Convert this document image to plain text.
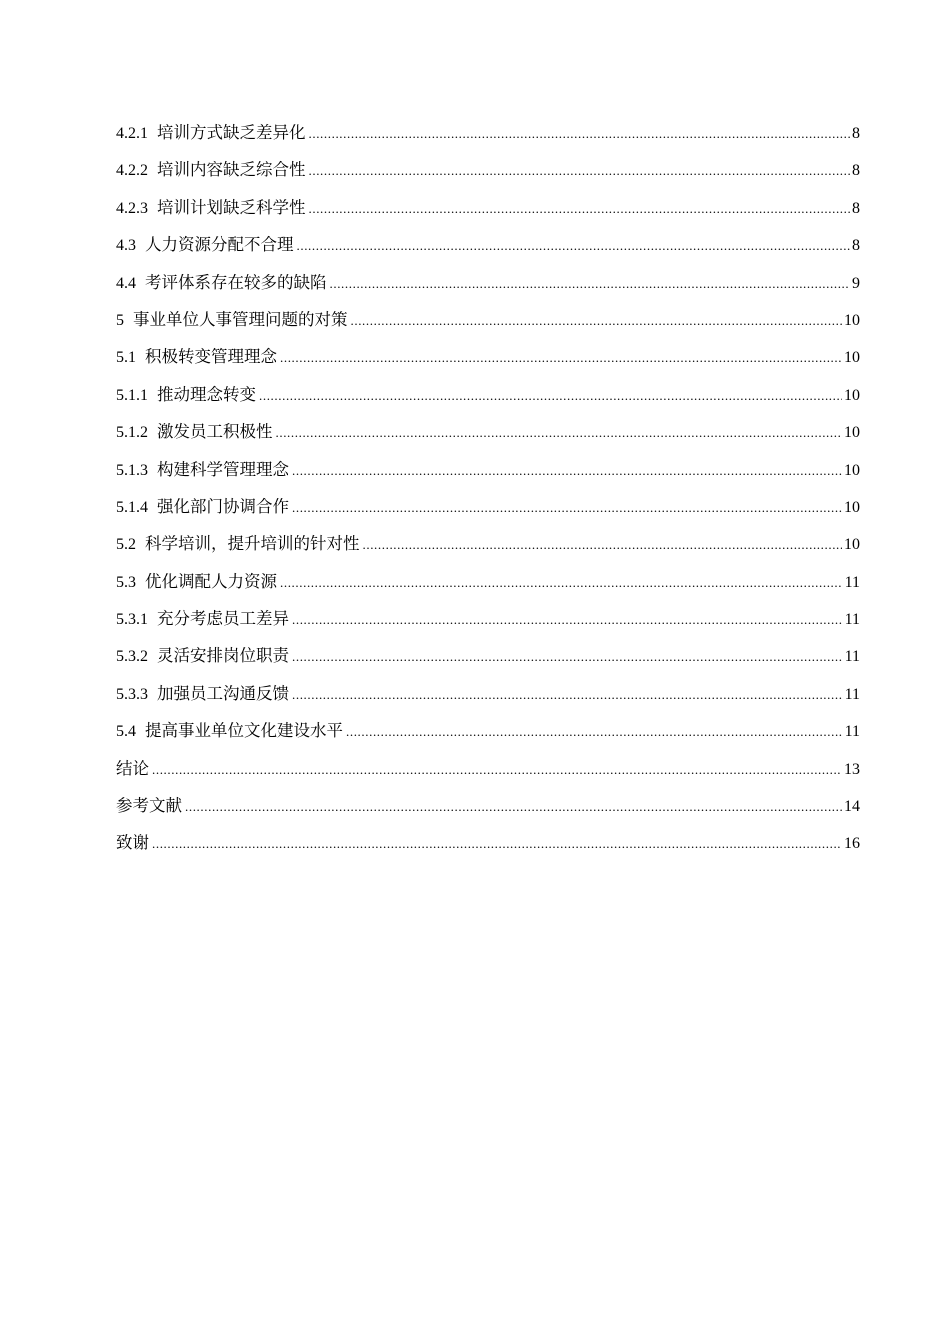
4.2.1 培训方式缺乏差异化 .....	8
4.2.2 培训内容缺乏综合性 .....	8
4.2.3 培训计划缺乏科学性 .....	8
4.3 人力资源分配不合理 .....	8
4.4 考评体系存在较多的缺陷 .....	9
5 事业单位人事管理问题的对策 .....	10
5.1 积极转变管理理念 .....	10
5.1.1 推动理念转变 .....	10
5.1.2 激发员工积极性 .....	10
5.1.3 构建科学管理理念 .....	10
5.1.4 强化部门协调合作 .....	10
5.2 科学培训，提升培训的针对性 .....	10
5.3 优化调配人力资源 .....	11
5.3.1 充分考虑员工差异 .....	11
5.3.2 灵活安排岗位职责 .....	11
5.3.3 加强员工沟通反馈 .....	11
5.4 提高事业单位文化建设水平 .....	11
结论 .....	13
参考文献 .....	14
致谢 .....	16
